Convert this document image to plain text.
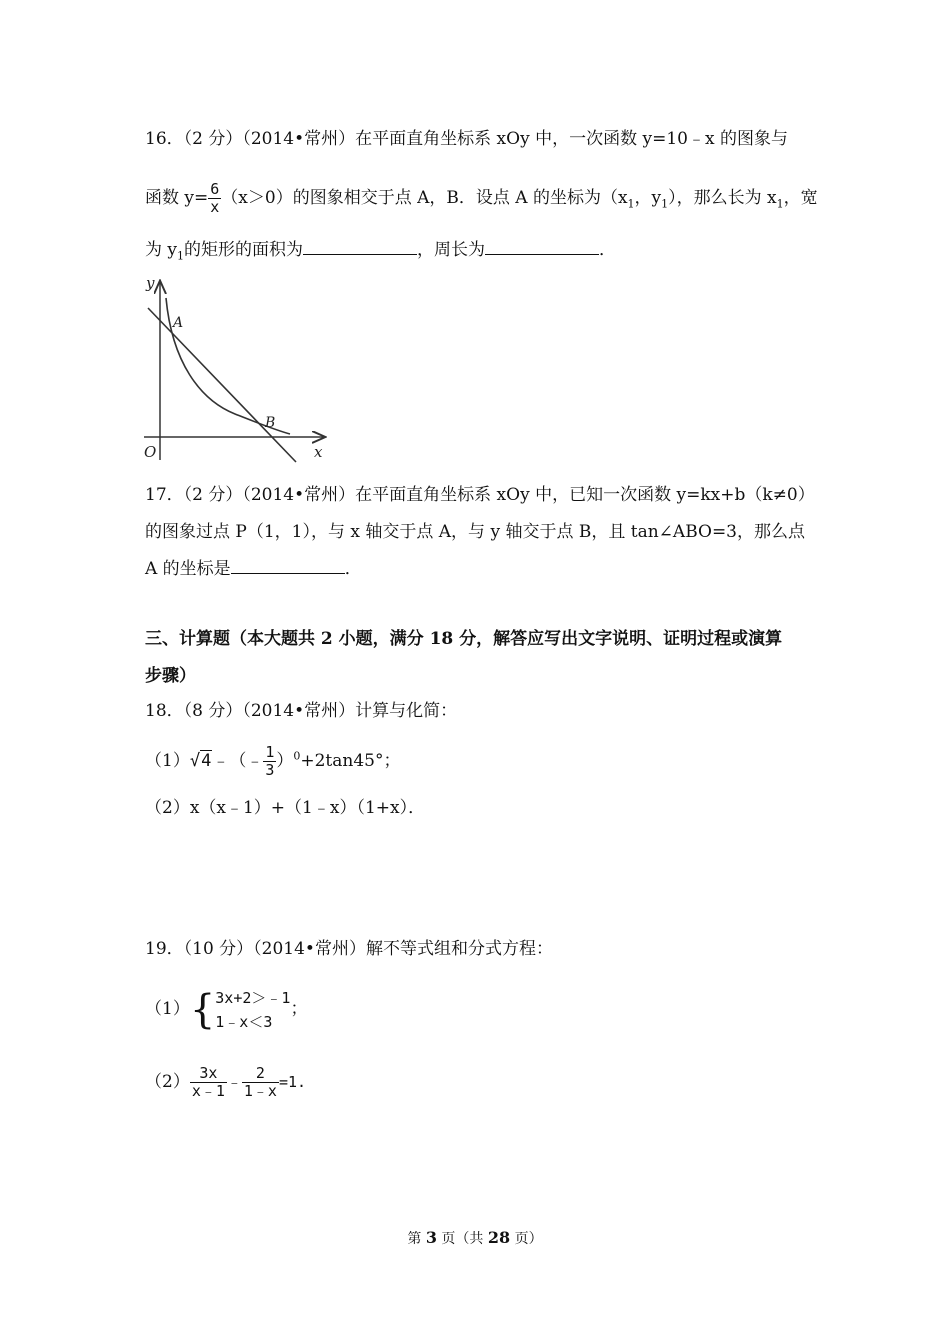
16．（2 分）（2014•常州）在平面直角坐标系 xOy 中，一次函数 y=10﹣x 的图象与
函数 $y= \frac{6}{x} (x>0)$的图象相交于点 A，B．设点 A 的坐标为（$x_1$，$y_1$），那么长为 $x_1$，宽
为 $y_1$的矩形的面积为	，周长为	．
y
x
O
A
B
17．（2 分）（2014•常州）在平面直角坐标系 xOy 中，已知一次函数 y=kx+b（k≠0）
的图象过点 P（1，1），与 x 轴交于点 A，与 y 轴交于点 B，且 tan∠ABO=3，那么点
A 的坐标是	．
三、计算题（本大题共 2 小题，满分 18 分，解答应写出文字说明、证明过程或演算
步骤）
18．（8 分）（2014•常州）计算与化简：
（1）√4﹣（﹣ $\frac{1}{3} )^0+2\tan 45^\circ$；
（2）x（x﹣1）+（1﹣x）（1+x）．
19．（10 分）（2014•常州）解不等式组和分式方程：
（1）{ 3x+2＞﹣1
1﹣x＜3
；
$(2) \frac{3x}{x﹣1}$ ﹣ $\frac{2}{1﹣x} =1$.
第 3 页（共 28 页）
